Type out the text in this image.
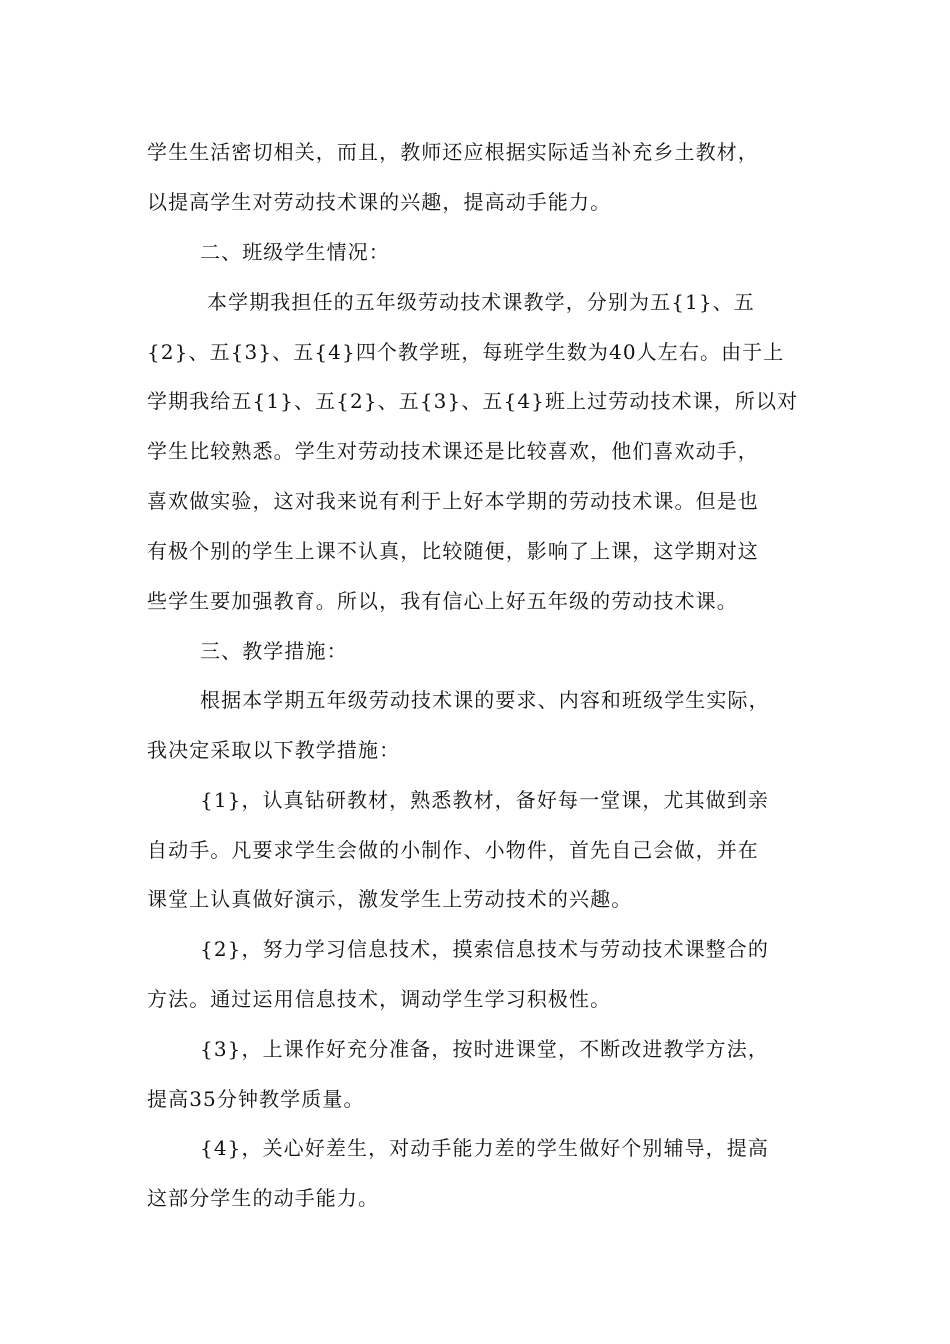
学生生活密切相关，而且，教师还应根据实际适当补充乡土教材，
以提高学生对劳动技术课的兴趣，提高动手能力。
二、班级学生情况：
本学期我担任的五年级劳动技术课教学，分别为五{1}、五
{2}、五{3}、五{4}四个教学班，每班学生数为40人左右。由于上
学期我给五{1}、五{2}、五{3}、五{4}班上过劳动技术课，所以对
学生比较熟悉。学生对劳动技术课还是比较喜欢，他们喜欢动手，
喜欢做实验，这对我来说有利于上好本学期的劳动技术课。但是也
有极个别的学生上课不认真，比较随便，影响了上课，这学期对这
些学生要加强教育。所以，我有信心上好五年级的劳动技术课。
三、教学措施：
根据本学期五年级劳动技术课的要求、内容和班级学生实际，
我决定采取以下教学措施：
{1}，认真钻研教材，熟悉教材，备好每一堂课，尤其做到亲
自动手。凡要求学生会做的小制作、小物件，首先自己会做，并在
课堂上认真做好演示，激发学生上劳动技术的兴趣。
{2}，努力学习信息技术，摸索信息技术与劳动技术课整合的
方法。通过运用信息技术，调动学生学习积极性。
{3}，上课作好充分准备，按时进课堂，不断改进教学方法，
提高35分钟教学质量。
{4}，关心好差生，对动手能力差的学生做好个别辅导，提高
这部分学生的动手能力。
